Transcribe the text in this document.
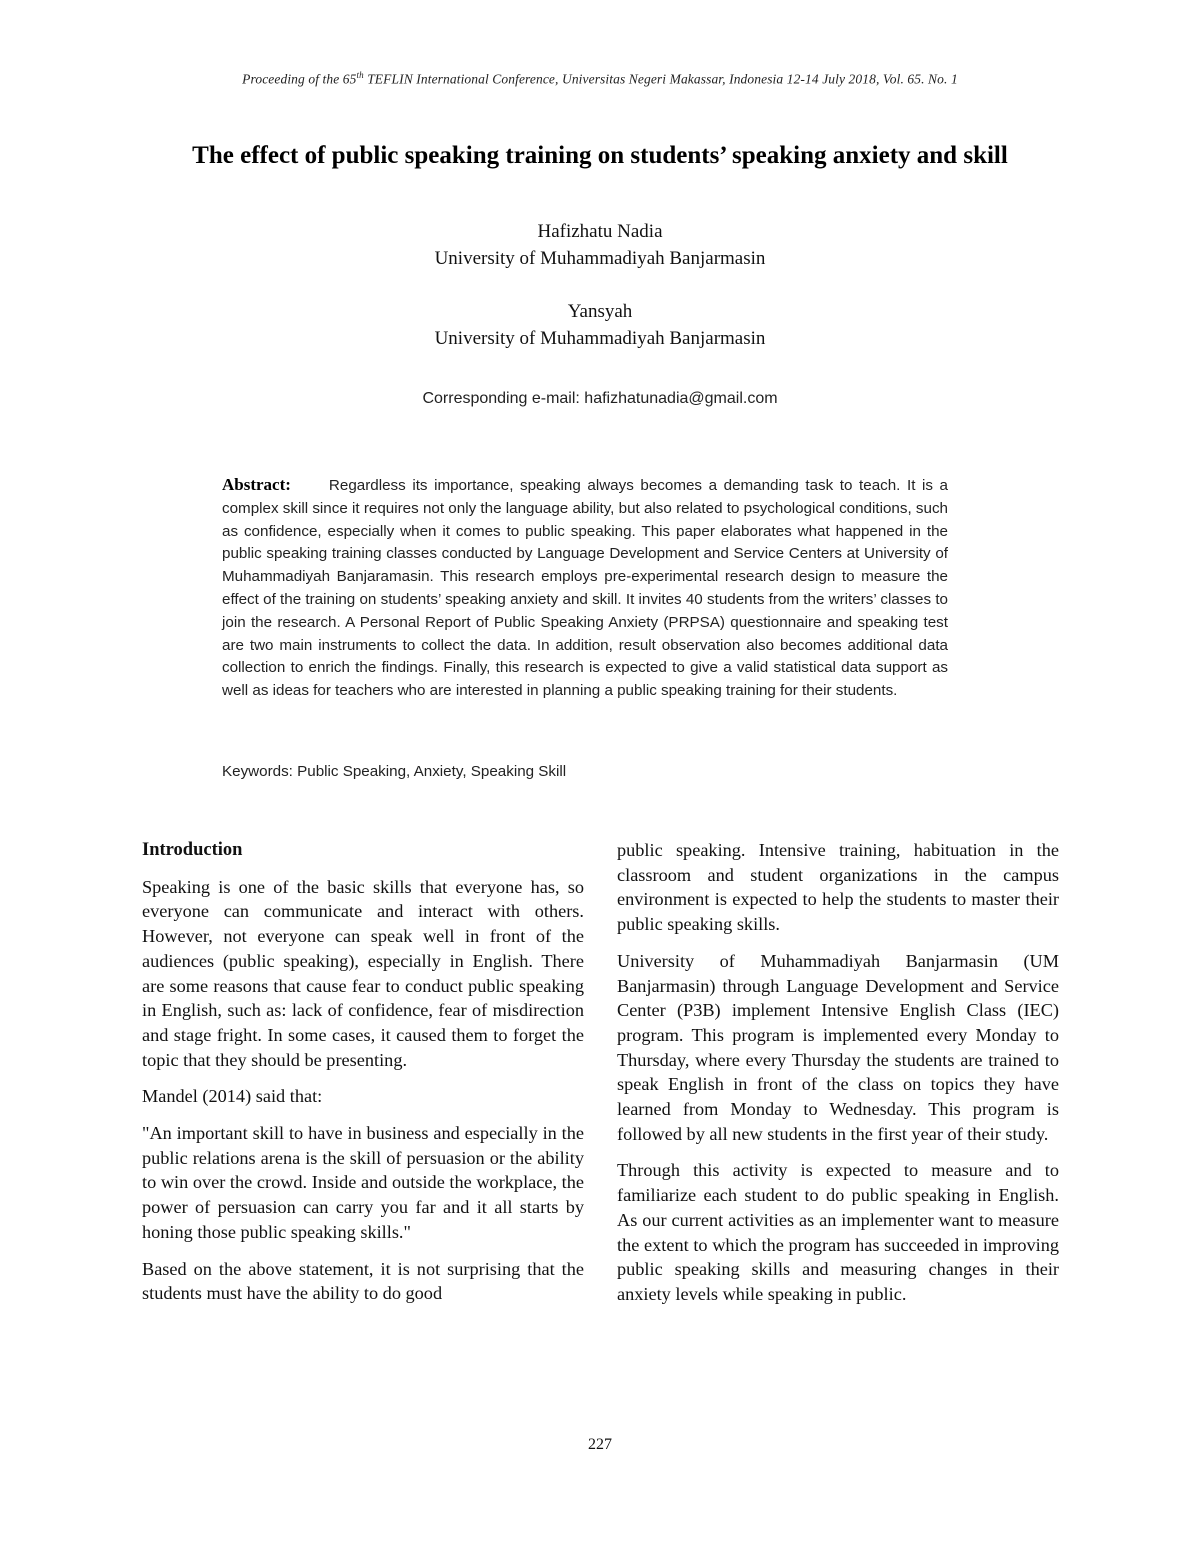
Proceeding of the 65th TEFLIN International Conference, Universitas Negeri Makassar, Indonesia 12-14 July 2018, Vol. 65. No. 1
The effect of public speaking training on students’ speaking anxiety and skill
Hafizhatu Nadia
University of Muhammadiyah Banjarmasin
Yansyah
University of Muhammadiyah Banjarmasin
Corresponding e-mail: hafizhatunadia@gmail.com
Abstract:	Regardless its importance, speaking always becomes a demanding task to teach. It is a complex skill since it requires not only the language ability, but also related to psychological conditions, such as confidence, especially when it comes to public speaking. This paper elaborates what happened in the public speaking training classes conducted by Language Development and Service Centers at University of Muhammadiyah Banjaramasin. This research employs pre-experimental research design to measure the effect of the training on students’ speaking anxiety and skill. It invites 40 students from the writers’ classes to join the research. A Personal Report of Public Speaking Anxiety (PRPSA) questionnaire and speaking test are two main instruments to collect the data. In addition, result observation also becomes additional data collection to enrich the findings. Finally, this research is expected to give a valid statistical data support as well as ideas for teachers who are interested in planning a public speaking training for their students.
Keywords: Public Speaking, Anxiety, Speaking Skill
Introduction

Speaking is one of the basic skills that everyone has, so everyone can communicate and interact with others. However, not everyone can speak well in front of the audiences (public speaking), especially in English. There are some reasons that cause fear to conduct public speaking in English, such as: lack of confidence, fear of misdirection and stage fright. In some cases, it caused them to forget the topic that they should be presenting.

Mandel (2014) said that:

"An important skill to have in business and especially in the public relations arena is the skill of persuasion or the ability to win over the crowd. Inside and outside the workplace, the power of persuasion can carry you far and it all starts by honing those public speaking skills."

Based on the above statement, it is not surprising that the students must have the ability to do good

public speaking. Intensive training, habituation in the classroom and student organizations in the campus environment is expected to help the students to master their public speaking skills.

University of Muhammadiyah Banjarmasin (UM Banjarmasin) through Language Development and Service Center (P3B) implement Intensive English Class (IEC) program. This program is implemented every Monday to Thursday, where every Thursday the students are trained to speak English in front of the class on topics they have learned from Monday to Wednesday. This program is followed by all new students in the first year of their study.

Through this activity is expected to measure and to familiarize each student to do public speaking in English. As our current activities as an implementer want to measure the extent to which the program has succeeded in improving public speaking skills and measuring changes in their anxiety levels while speaking in public.

227
